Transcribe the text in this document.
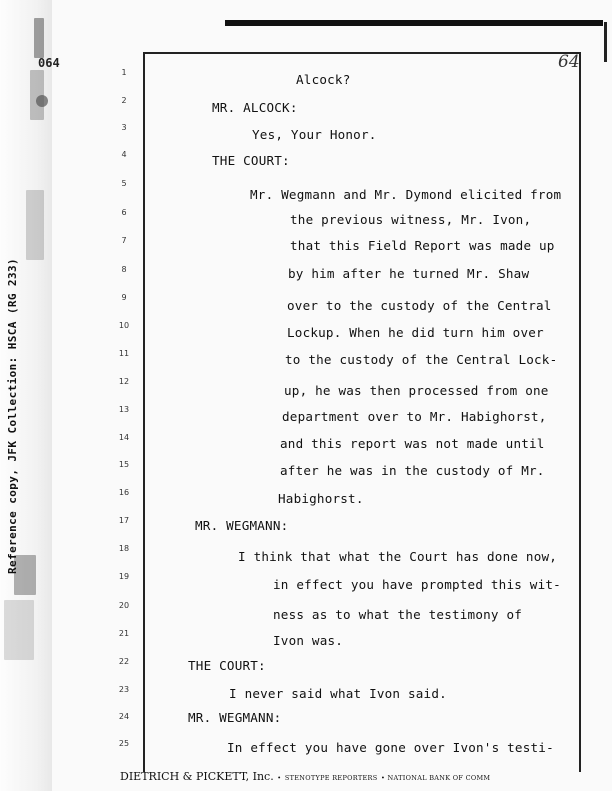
064
Reference copy, JFK Collection: HSCA (RG 233)
64
1
2
3
4
5
6
7
8
9
10
11
12
13
14
15
16
17
18
19
20
21
22
23
24
25
Alcock?
MR. ALCOCK:
Yes, Your Honor.
THE COURT:
Mr. Wegmann and Mr. Dymond elicited from
the previous witness, Mr. Ivon,
that this Field Report was made up
by him after he turned Mr. Shaw
over to the custody of the Central
Lockup. When he did turn him over
to the custody of the Central Lock-
up, he was then processed from one
department over to Mr. Habighorst,
and this report was not made until
after he was in the custody of Mr.
Habighorst.
MR. WEGMANN:
I think that what the Court has done now,
in effect you have prompted this wit-
ness as to what the testimony of
Ivon was.
THE COURT:
I never said what Ivon said.
MR. WEGMANN:
In effect you have gone over Ivon's testi-
DIETRICH & PICKETT, Inc. • STENOTYPE REPORTERS • NATIONAL BANK OF COMM
